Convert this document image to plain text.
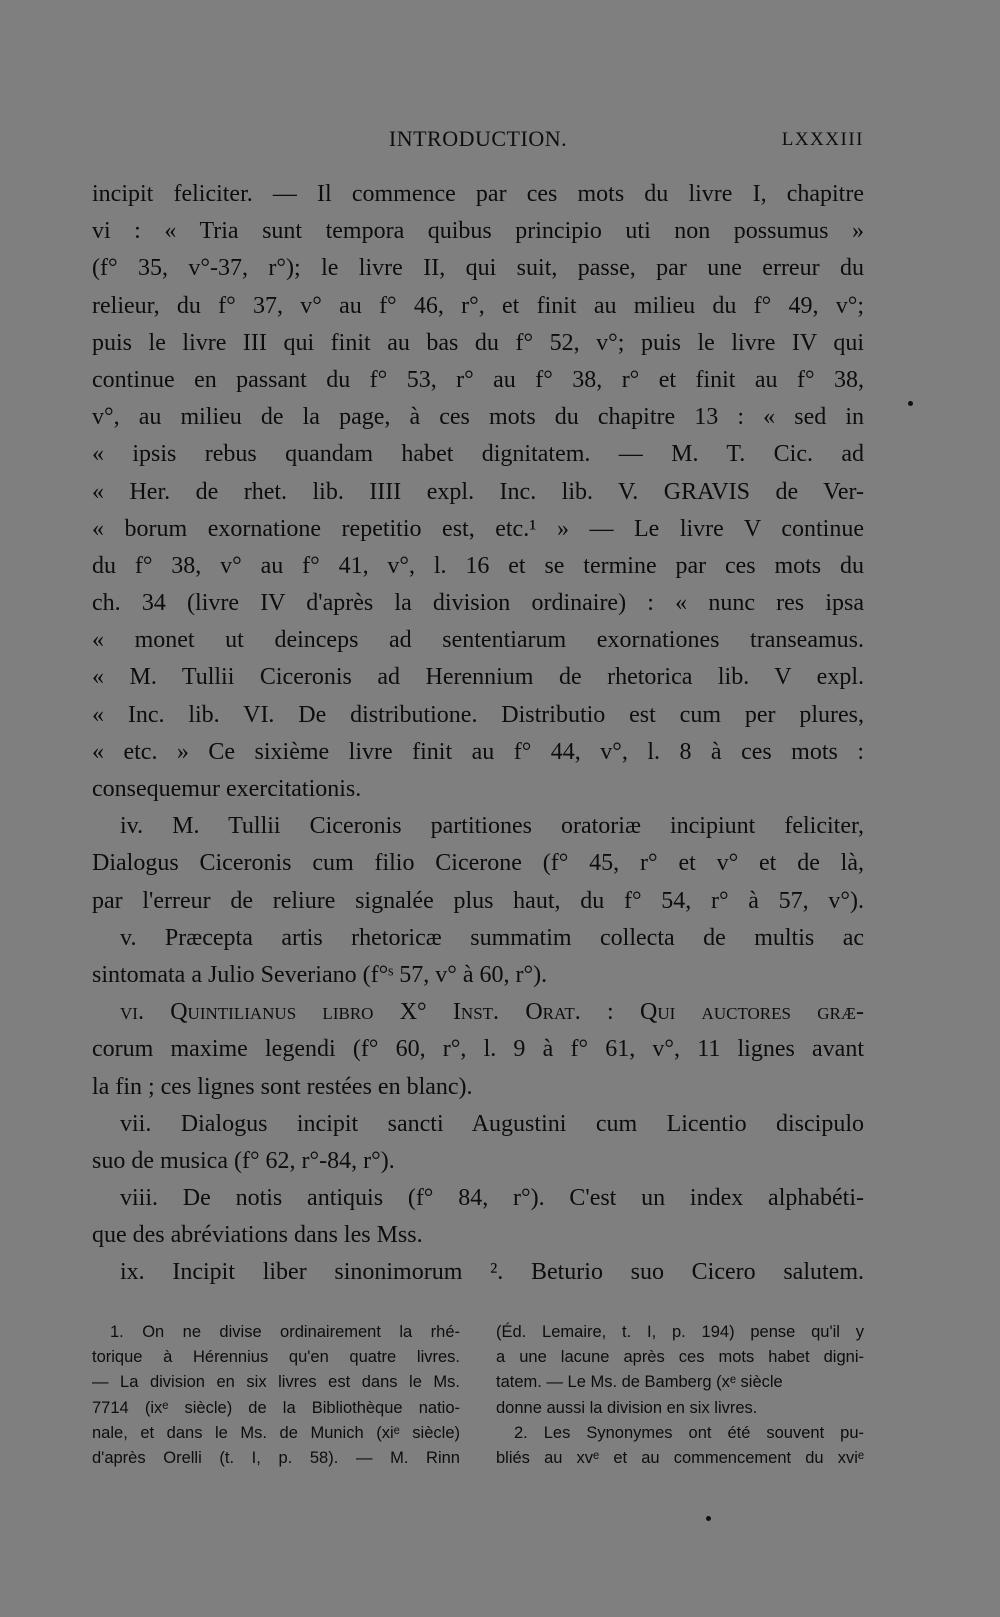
INTRODUCTION.	LXXXIII
incipit feliciter. — Il commence par ces mots du livre I, chapitre
vi : « Tria sunt tempora quibus principio uti non possumus »
(f° 35, v°-37, r°); le livre II, qui suit, passe, par une erreur du
relieur, du f° 37, v° au f° 46, r°, et finit au milieu du f° 49, v°;
puis le livre III qui finit au bas du f° 52, v°; puis le livre IV qui
continue en passant du f° 53, r° au f° 38, r° et finit au f° 38,
v°, au milieu de la page, à ces mots du chapitre 13 : « sed in
« ipsis rebus quandam habet dignitatem. — M. T. Cic. ad
« Her. de rhet. lib. IIII expl. Inc. lib. V. GRAVIS de Ver-
« borum exornatione repetitio est, etc.¹ » — Le livre V continue
du f° 38, v° au f° 41, v°, l. 16 et se termine par ces mots du
ch. 34 (livre IV d'après la division ordinaire) : « nunc res ipsa
« monet ut deinceps ad sententiarum exornationes transeamus.
« M. Tullii Ciceronis ad Herennium de rhetorica lib. V expl.
« Inc. lib. VI. De distributione. Distributio est cum per plures,
« etc. » Ce sixième livre finit au f° 44, v°, l. 8 à ces mots :
consequemur exercitationis.
iv. M. Tullii Ciceronis partitiones oratoriæ incipiunt feliciter,
Dialogus Ciceronis cum filio Cicerone (f° 45, r° et v° et de là,
par l'erreur de reliure signalée plus haut, du f° 54, r° à 57, v°).
v. Præcepta artis rhetoricæ summatim collecta de multis ac
sintomata a Julio Severiano (f°ˢ 57, v° à 60, r°).
vi. Quintilianus libro X° Inst. Orat. : Qui auctores græ-
corum maxime legendi (f° 60, r°, l. 9 à f° 61, v°, 11 lignes avant
la fin ; ces lignes sont restées en blanc).
vii. Dialogus incipit sancti Augustini cum Licentio discipulo
suo de musica (f° 62, r°-84, r°).
viii. De notis antiquis (f° 84, r°). C'est un index alphabéti-
que des abréviations dans les Mss.
ix. Incipit liber sinonimorum ². Beturio suo Cicero salutem.
1. On ne divise ordinairement la rhé-
torique à Hérennius qu'en quatre livres.
— La division en six livres est dans le Ms.
7714 (ixᵉ siècle) de la Bibliothèque natio-
nale, et dans le Ms. de Munich (xiᵉ siècle)
d'après Orelli (t. I, p. 58). — M. Rinn
(Éd. Lemaire, t. I, p. 194) pense qu'il y
a une lacune après ces mots habet digni-
tatem. — Le Ms. de Bamberg (xᵉ siècle
donne aussi la division en six livres.
2. Les Synonymes ont été souvent pu-
bliés au xvᵉ et au commencement du xviᵉ
